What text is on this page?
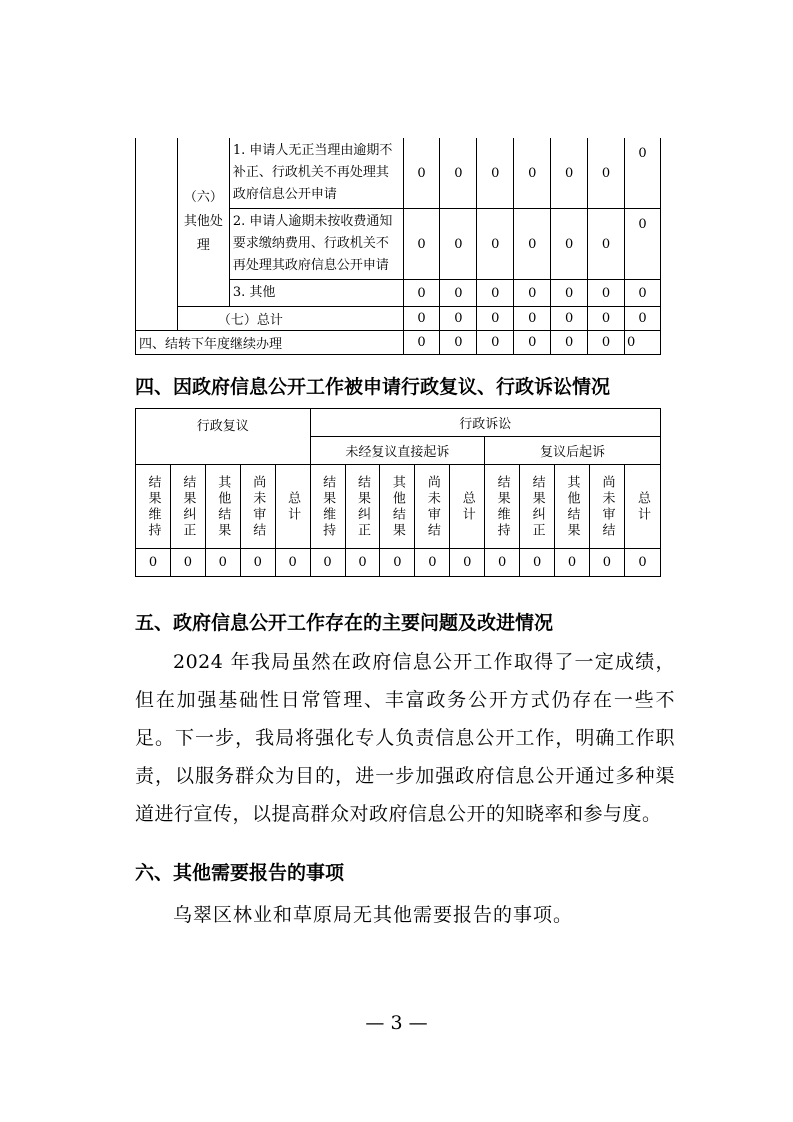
	（六）其他处理	1. 申请人无正当理由逾期不补正、行政机关不再处理其政府信息公开申请	0	0	0	0	0	0	0
		2. 申请人逾期未按收费通知要求缴纳费用、行政机关不再处理其政府信息公开申请	0	0	0	0	0	0	0
		3. 其他	0	0	0	0	0	0	0
	（七）总计		0	0	0	0	0	0	0
四、结转下年度继续办理			0	0	0	0	0	0	0
四、因政府信息公开工作被申请行政复议、行政诉讼情况
行政复议					行政诉讼									
					未经复议直接起诉					复议后起诉				

结果维持	结果纠正	其他结果	尚未审结	总计	结果维持	结果纠正	其他结果	尚未审结	总计	结果维持	结果纠正	其他结果	尚未审结	总计

0	0	0	0	0	0	0	0	0	0	0	0	0	0	0
五、政府信息公开工作存在的主要问题及改进情况

2024 年我局虽然在政府信息公开工作取得了一定成绩，但在加强基础性日常管理、丰富政务公开方式仍存在一些不足。下一步，我局将强化专人负责信息公开工作，明确工作职责，以服务群众为目的，进一步加强政府信息公开通过多种渠道进行宣传，以提高群众对政府信息公开的知晓率和参与度。

六、其他需要报告的事项

乌翠区林业和草原局无其他需要报告的事项。

— 3 —
